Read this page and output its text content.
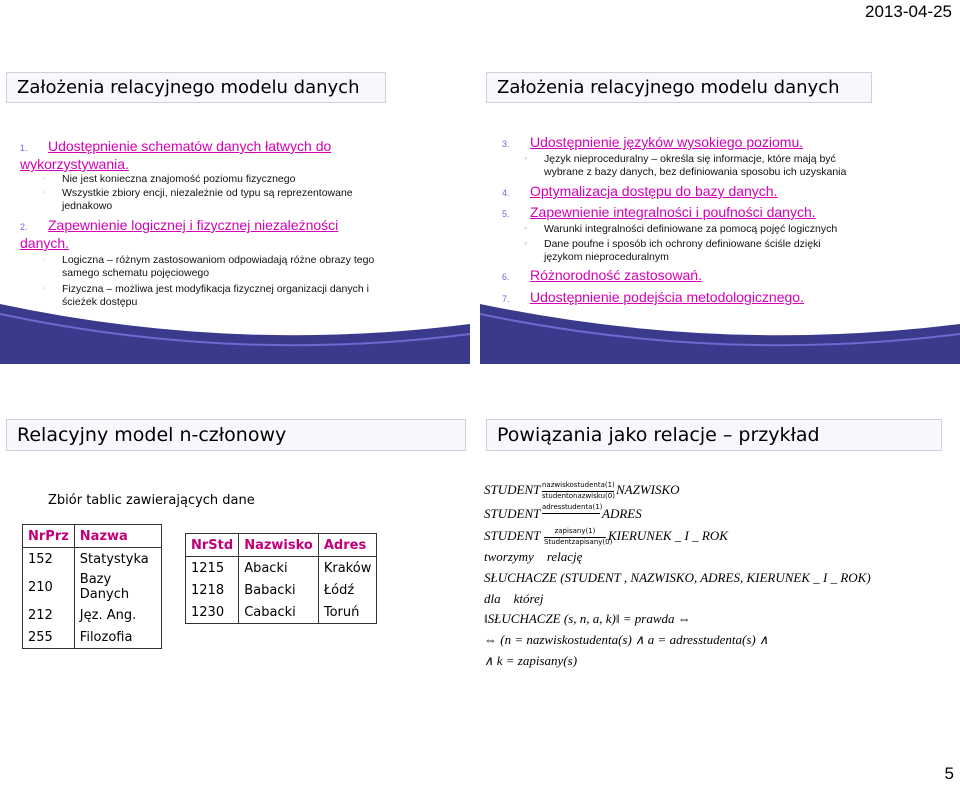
2013-04-25
Założenia relacyjnego modelu danych
1. Udostępnienie schematów danych łatwych do wykorzystywania.
◦ Nie jest konieczna znajomość poziomu fizycznego
◦ Wszystkie zbiory encji, niezależnie od typu są reprezentowane jednakowo
2. Zapewnienie logicznej i fizycznej niezależności danych.
◦ Logiczna – różnym zastosowaniom odpowiadają różne obrazy tego samego schematu pojęciowego
◦ Fizyczna – możliwa jest modyfikacja fizycznej organizacji danych i ścieżek dostępu
Założenia relacyjnego modelu danych
3. Udostępnienie języków wysokiego poziomu.
◦ Język nieproceduralny – określa się informacje, które mają być wybrane z bazy danych, bez definiowania sposobu ich uzyskania
4. Optymalizacja dostępu do bazy danych.
5. Zapewnienie integralności i poufności danych.
◦ Warunki integralności definiowane za pomocą pojęć logicznych
◦ Dane poufne i sposób ich ochrony definiowane ściśle dzięki językom nieproceduralnym
6. Różnorodność zastosowań.
7. Udostępnienie podejścia metodologicznego.
Relacyjny model n-członowy
Zbiór tablic zawierających dane
NrPrz	Nazwa
152	Statystyka
210	Bazy Danych
212	Jęz. Ang.
255	Filozofia
NrStd	Nazwisko	Adres
1215	Abacki	Kraków
1218	Babacki	Łódź
1230	Cabacki	Toruń
Powiązania jako relacje – przykład
STUDENT nazwiskostudenta(1)
studentonazwisku(0) NAZWISKO
STUDENT adresstudenta(1) ADRES
STUDENT	zapisany(1)
Studentzapisany(0)
KIERUNEK _ I _ ROK
tworzymy    relację
SŁUCHACZE (STUDENT , NAZWISKO, ADRES, KIERUNEK _ I _ ROK)
dla    której
‖SŁUCHACZE (s, n, a, k)‖ = prawda ⇔
⇔ (n = nazwiskostudenta(s) ∧ a = adresstudenta(s) ∧
∧ k = zapisany(s)
5
